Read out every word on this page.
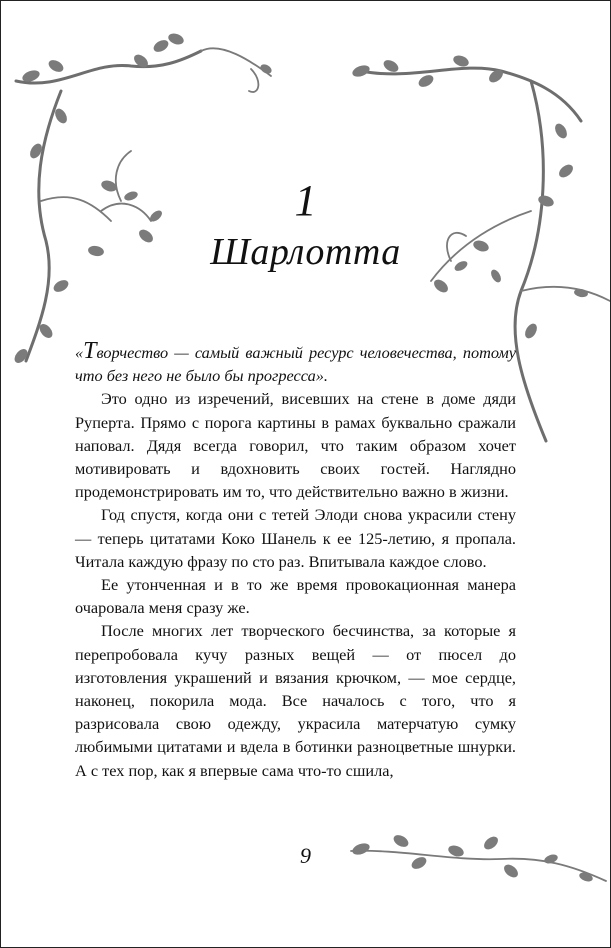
1
Шарлотта

«Творчество — самый важный ресурс человечества, потому что без него не было бы прогресса».

Это одно из изречений, висевших на стене в доме дяди Руперта. Прямо с порога картины в рамах буквально сражали наповал. Дядя всегда говорил, что таким образом хочет мотивировать и вдохновить своих гостей. Наглядно продемонстрировать им то, что действительно важно в жизни.

Год спустя, когда они с тетей Элоди снова украсили стену — теперь цитатами Коко Шанель к ее 125-летию, я пропала. Читала каждую фразу по сто раз. Впитывала каждое слово.

Ее утонченная и в то же время провокационная манера очаровала меня сразу же.

После многих лет творческого бесчинства, за которые я перепробовала кучу разных вещей — от пюсел до изготовления украшений и вязания крючком, — мое сердце, наконец, покорила мода. Все началось с того, что я разрисовала свою одежду, украсила матерчатую сумку любимыми цитатами и вдела в ботинки разноцветные шнурки. А с тех пор, как я впервые сама что-то сшила,

9
